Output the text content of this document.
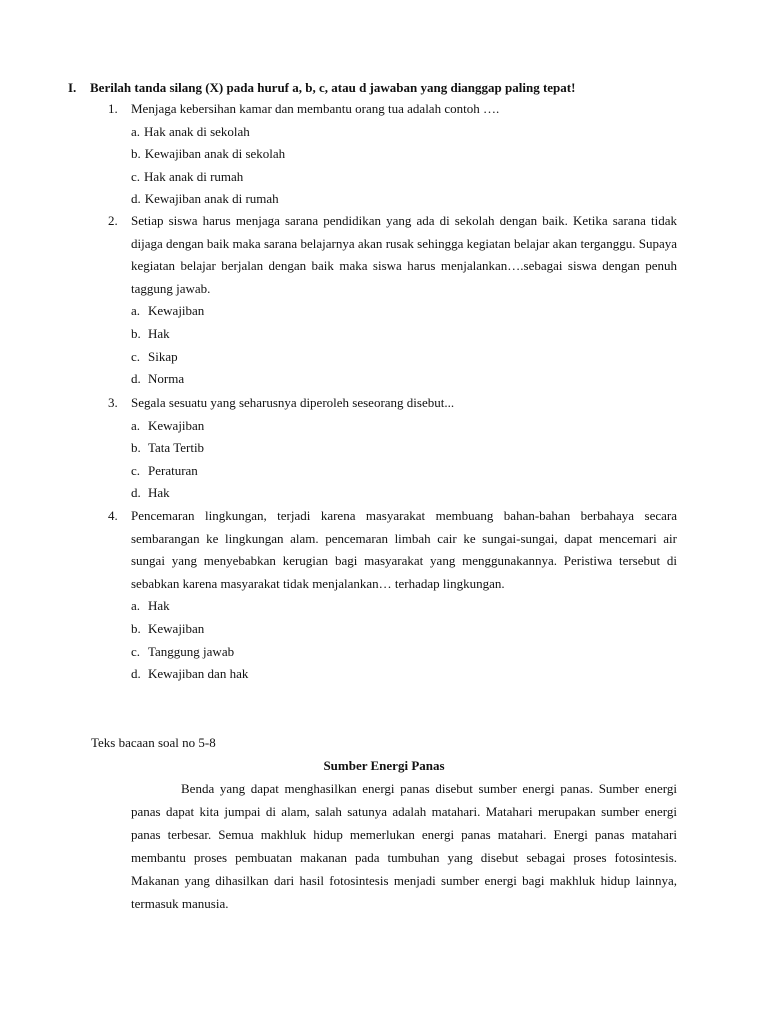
I. Berilah tanda silang (X) pada huruf a, b, c, atau d jawaban yang dianggap paling tepat!
1. Menjaga kebersihan kamar dan membantu orang tua adalah contoh ….
a. Hak anak di sekolah
b. Kewajiban anak di sekolah
c. Hak anak di rumah
d. Kewajiban anak di rumah
2. Setiap siswa harus menjaga sarana pendidikan yang ada di sekolah dengan baik. Ketika sarana tidak dijaga dengan baik maka sarana belajarnya akan rusak sehingga kegiatan belajar akan terganggu. Supaya kegiatan belajar berjalan dengan baik maka siswa harus menjalankan….sebagai siswa dengan penuh taggung jawab.
a. Kewajiban
b. Hak
c. Sikap
d. Norma
3. Segala sesuatu yang seharusnya diperoleh seseorang disebut...
a. Kewajiban
b. Tata Tertib
c. Peraturan
d. Hak
4. Pencemaran lingkungan, terjadi karena masyarakat membuang bahan-bahan berbahaya secara sembarangan ke lingkungan alam. pencemaran limbah cair ke sungai-sungai, dapat mencemari air sungai yang menyebabkan kerugian bagi masyarakat yang menggunakannya. Peristiwa tersebut di sebabkan karena masyarakat tidak menjalankan… terhadap lingkungan.
a. Hak
b. Kewajiban
c. Tanggung jawab
d. Kewajiban dan hak
Teks bacaan soal no 5-8
Sumber Energi Panas

Benda yang dapat menghasilkan energi panas disebut sumber energi panas. Sumber energi panas dapat kita jumpai di alam, salah satunya adalah matahari. Matahari merupakan sumber energi panas terbesar. Semua makhluk hidup memerlukan energi panas matahari. Energi panas matahari membantu proses pembuatan makanan pada tumbuhan yang disebut sebagai proses fotosintesis. Makanan yang dihasilkan dari hasil fotosintesis menjadi sumber energi bagi makhluk hidup lainnya, termasuk manusia.
